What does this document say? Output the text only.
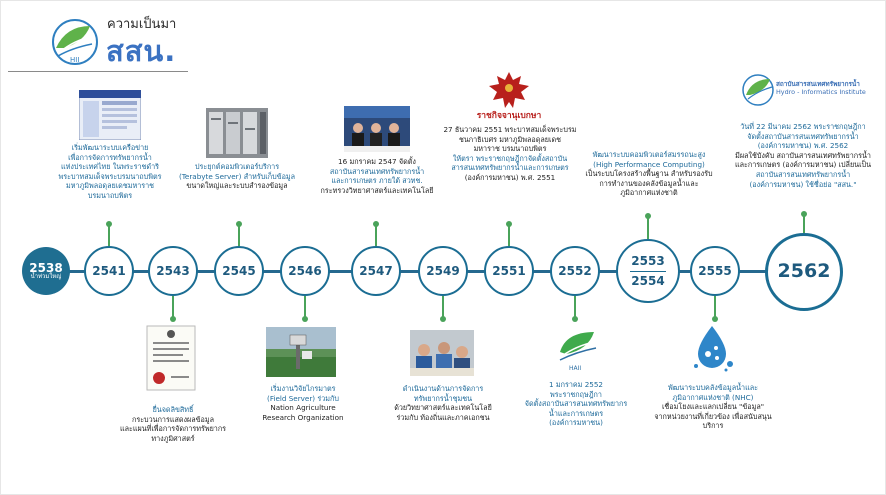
HII
ความเป็นมา
สสน.
2538
น้ำท่วมใหญ่	2541	2543	2545	2546	2547	2549	2551	2552
2553
2554
2555 2562
เริ่มพัฒนาระบบเครือข่าย
เพื่อการจัดการทรัพยากรน้ำ
แห่งประเทศไทย ในพระราชดำริ
พระบาทสมเด็จพระบรมนาถบพิตร
มหาภูมิพลอดุลยเดชมหาราช
บรมนาถบพิตร
ประยุกต์คอมพิวเตอร์บริการ
(Terabyte Server) สำหรับเก็บข้อมูล
ขนาดใหญ่และระบบสำรองข้อมูล
16 มกราคม 2547 จัดตั้ง
สถาบันสารสนเทศทรัพยากรน้ำ
และการเกษตร ภายใต้ สวทช.
กระทรวงวิทยาศาสตร์และเทคโนโลยี
ราชกิจจานุเบกษา
27 ธันวาคม 2551 พระบาทสมเด็จพระบรม
ชนกาธิเบศร มหาภูมิพลอดุลยเดช
มหาราช บรมนาถบพิตร
ให้ตรา พระราชกฤษฎีกาจัดตั้งสถาบัน
สารสนเทศทรัพยากรน้ำและการเกษตร
(องค์การมหาชน) พ.ศ. 2551
พัฒนาระบบคอมพิวเตอร์สมรรถนะสูง
(High Performance Computing)
เป็นระบบโครงสร้างพื้นฐาน สำหรับรองรับ
การทำงานของคลังข้อมูลน้ำและ
ภูมิอากาศแห่งชาติ
สถาบันสารสนเทศทรัพยากรน้ำ
Hydro - Informatics Institute
วันที่ 22 มีนาคม 2562 พระราชกฤษฎีกา
จัดตั้งสถาบันสารสนเทศทรัพยากรน้ำ
(องค์การมหาชน) พ.ศ. 2562
มีผลใช้บังคับ สถาบันสารสนเทศทรัพยากรน้ำ
และการเกษตร (องค์การมหาชน) เปลี่ยนเป็น
สถาบันสารสนเทศทรัพยากรน้ำ
(องค์การมหาชน) ใช้ชื่อย่อ "สสน."
ยื่นจดลิขสิทธิ์
กระบวนการแสดงผลข้อมูล
และแผนที่เพื่อการจัดการทรัพยากร
ทางภูมิศาสตร์
เริ่มงานวิจัยไกรมาตร
(Field Server) ร่วมกับ
Nation Agriculture
Research Organization
ดำเนินงานด้านการจัดการ
ทรัพยากรน้ำชุมชน
ด้วยวิทยาศาสตร์และเทคโนโลยี
ร่วมกับ ท้องถิ่นและภาคเอกชน
HAII
1 มกราคม 2552
พระราชกฤษฎีกา
จัดตั้งสถาบันสารสนเทศทรัพยากร
น้ำและการเกษตร
(องค์การมหาชน)
พัฒนาระบบคลังข้อมูลน้ำและ
ภูมิอากาศแห่งชาติ (NHC)
เชื่อมโยงและแลกเปลี่ยน "ข้อมูล"
จากหน่วยงานที่เกี่ยวข้อง เพื่อสนับสนุน
บริการ
